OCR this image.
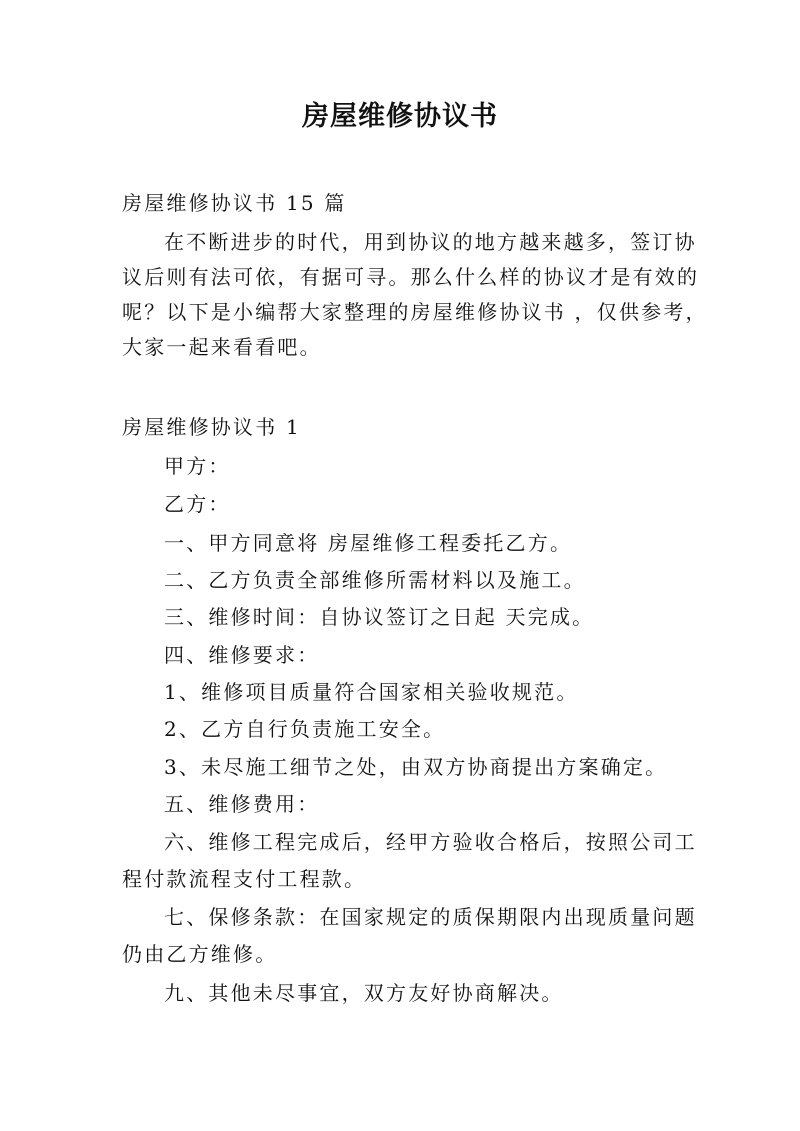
房屋维修协议书
房屋维修协议书 15 篇
在不断进步的时代，用到协议的地方越来越多，签订协
议后则有法可依，有据可寻。那么什么样的协议才是有效的
呢？以下是小编帮大家整理的房屋维修协议书 ，仅供参考，
大家一起来看看吧。
房屋维修协议书 1
甲方：
乙方：
一、甲方同意将 房屋维修工程委托乙方。
二、乙方负责全部维修所需材料以及施工。
三、维修时间：自协议签订之日起 天完成。
四、维修要求：
1、维修项目质量符合国家相关验收规范。
2、乙方自行负责施工安全。
3、未尽施工细节之处，由双方协商提出方案确定。
五、维修费用：
六、维修工程完成后，经甲方验收合格后，按照公司工
程付款流程支付工程款。
七、保修条款：在国家规定的质保期限内出现质量问题
仍由乙方维修。
九、其他未尽事宜，双方友好协商解决。
